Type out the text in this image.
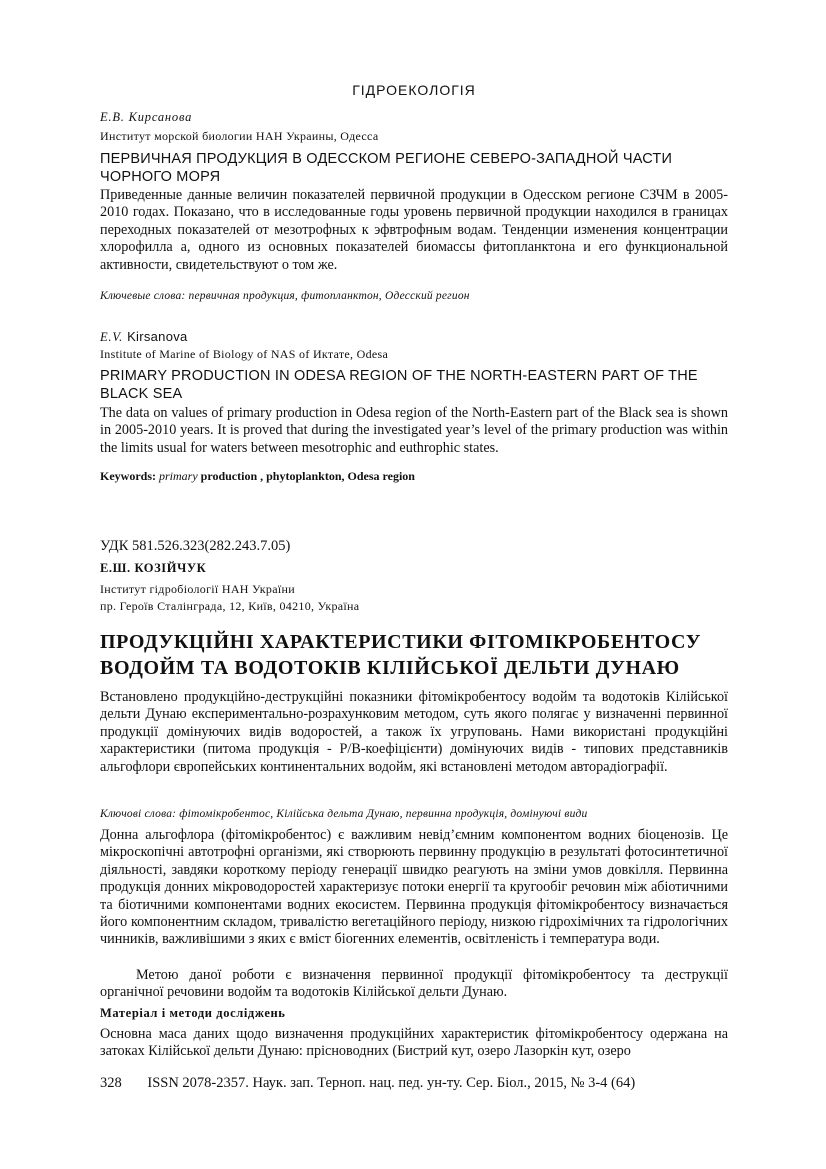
ГІДРОЕКОЛОГІЯ
Е.В. Кирсанова
Институт морской биологии НАН Украины, Одесса
ПЕРВИЧНАЯ ПРОДУКЦИЯ В ОДЕССКОМ РЕГИОНЕ СЕВЕРО-ЗАПАДНОЙ ЧАСТИ
ЧОРНОГО МОРЯ
Приведенные данные величин показателей первичной продукции в Одесском регионе СЗЧМ в 2005-2010 годах. Показано, что в исследованные годы уровень первичной продукции находился в границах переходных показателей от мезотрофных к эфвтрофным водам. Тенденции изменения концентрации хлорофилла а, одного из основных показателей биомассы фитопланктона и его функциональной активности, свидетельствуют о том же.
Ключевые слова: первичная продукция, фитопланктон, Одесский регион
E.V. Kirsanova
Institute of Marine of Biology of NAS of Иктате, Odesa
PRIMARY PRODUCTION IN ODESA REGION OF THE NORTH-EASTERN PART OF THE
BLACK SEA
The data on values of primary production in Odesa region of the North-Eastern part of the Black sea is shown in 2005-2010 years. It is proved that during the investigated year’s level of the primary production was within the limits usual for waters between mesotrophic and euthrophic states.
Keywords: primary production , phytoplankton, Odesa region
УДК 581.526.323(282.243.7.05)
Е.Ш. КОЗІЙЧУК
Інститут гідробіології НАН України
пр. Героїв Сталінграда, 12, Київ, 04210, Україна
ПРОДУКЦІЙНІ ХАРАКТЕРИСТИКИ ФІТОМІКРОБЕНТОСУ
ВОДОЙМ ТА ВОДОТОКІВ КІЛІЙСЬКОЇ ДЕЛЬТИ ДУНАЮ
Встановлено продукційно-деструкційні показники фітомікробентосу водойм та водотоків Кілійської дельти Дунаю експериментально-розрахунковим методом, суть якого полягає у визначенні первинної продукції домінуючих видів водоростей, а також їх угруповань. Нами використані продукційні характеристики (питома продукція - Р/В-коефіцієнти) домінуючих видів - типових представників альгофлори європейських континентальних водойм, які встановлені методом авторадіографії.
Ключові слова: фітомікробентос, Кілійська дельта Дунаю, первинна продукція, домінуючі види
Донна альгофлора (фітомікробентос) є важливим невід’ємним компонентом водних біоценозів. Це мікроскопічні автотрофні організми, які створюють первинну продукцію в результаті фотосинтетичної діяльності, завдяки короткому періоду генерації швидко реагують на зміни умов довкілля. Первинна продукція донних мікроводоростей характеризує потоки енергії та кругообіг речовин між абіотичними та біотичними компонентами водних екосистем. Первинна продукція фітомікробентосу визначається його компонентним складом, тривалістю вегетаційного періоду, низкою гідрохімічних та гідрологічних чинників, важливішими з яких є вміст біогенних елементів, освітленість і температура води.
Метою даної роботи є визначення первинної продукції фітомікробентосу та деструкції органічної речовини водойм та водотоків Кілійської дельти Дунаю.
Матеріал і методи досліджень
Основна маса даних щодо визначення продукційних характеристик фітомікробентосу одержана на затоках Кілійської дельти Дунаю: прісноводних (Бистрий кут, озеро Лазоркін кут, озеро
328 ISSN 2078-2357. Наук. зап. Терноп. нац. пед. ун-ту. Сер. Біол., 2015, № 3-4 (64)
